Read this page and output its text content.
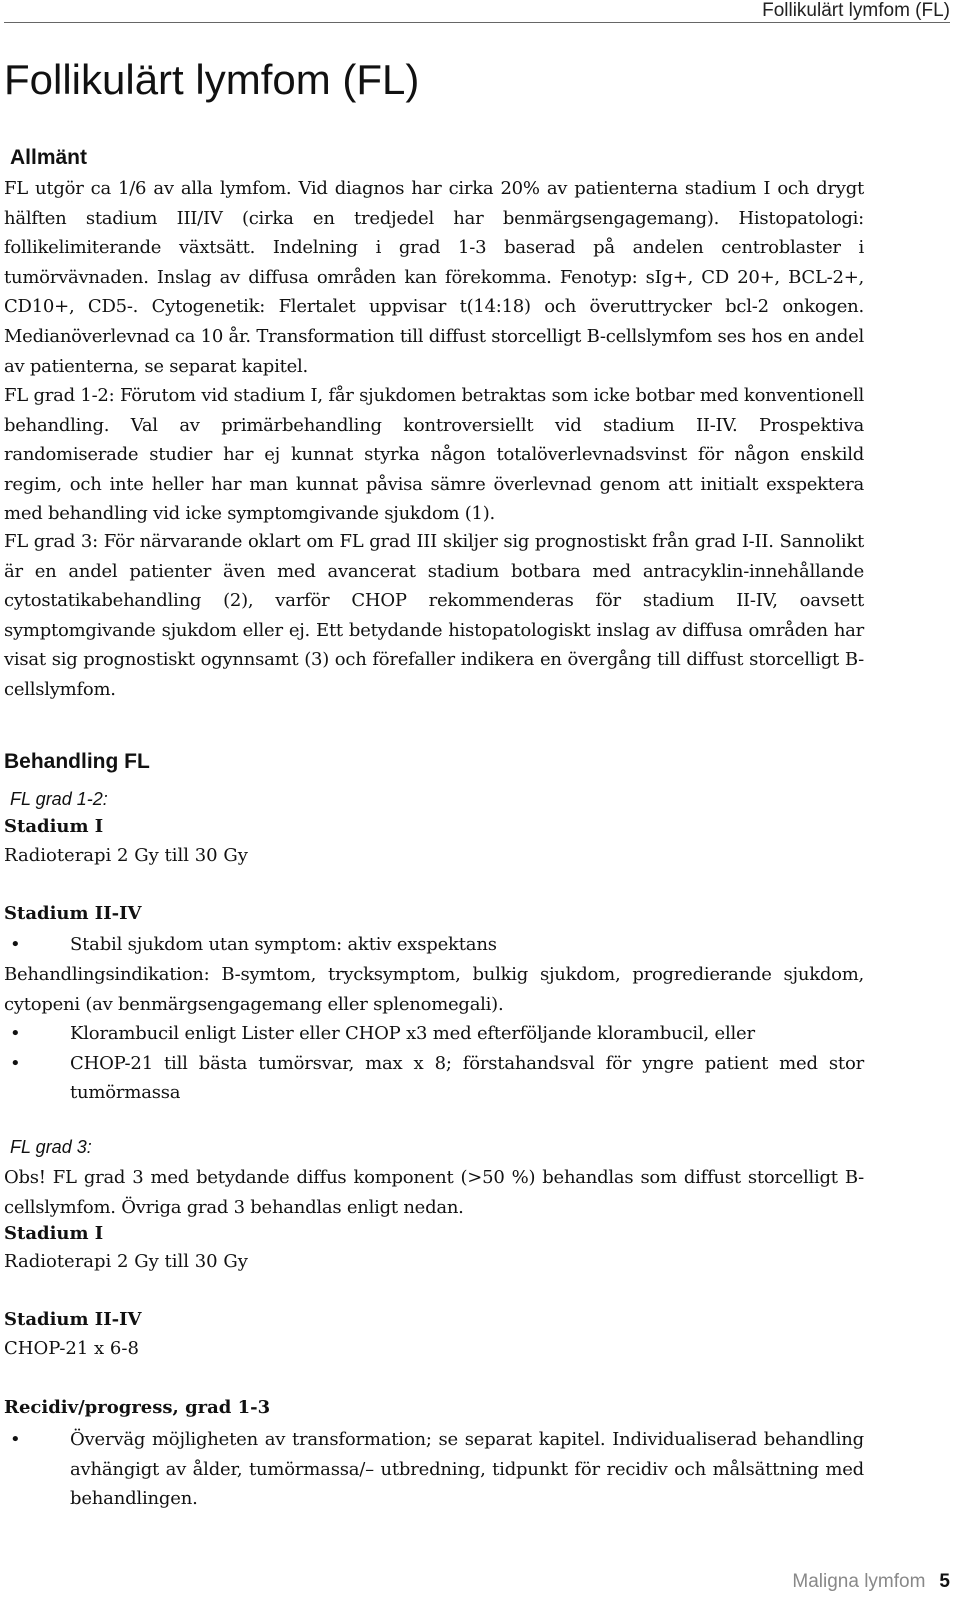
Follikulärt lymfom (FL)
Follikulärt lymfom (FL)
Allmänt

FL utgör ca 1/6 av alla lymfom. Vid diagnos har cirka 20% av patienterna stadium I och drygt hälften stadium III/IV (cirka en tredjedel har benmärgsengagemang). Histopatologi: follikelimiterande växtsätt. Indelning i grad 1-3 baserad på andelen centroblaster i tumörvävnaden. Inslag av diffusa områden kan förekomma. Fenotyp: sIg+, CD 20+, BCL-2+, CD10+, CD5-. Cytogenetik: Flertalet uppvisar t(14:18) och överuttrycker bcl-2 onkogen. Medianöverlevnad ca 10 år. Transformation till diffust storcelligt B-cellslymfom ses hos en andel av patienterna, se separat kapitel.

FL grad 1-2: Förutom vid stadium I, får sjukdomen betraktas som icke botbar med konventionell behandling. Val av primärbehandling kontroversiellt vid stadium II-IV. Prospektiva randomiserade studier har ej kunnat styrka någon totalöverlevnadsvinst för någon enskild regim, och inte heller har man kunnat påvisa sämre överlevnad genom att initialt exspektera med behandling vid icke symptomgivande sjukdom (1).

FL grad 3: För närvarande oklart om FL grad III skiljer sig prognostiskt från grad I-II. Sannolikt är en andel patienter även med avancerat stadium botbara med antracyklin-innehållande cytostatikabehandling (2), varför CHOP rekommenderas för stadium II-IV, oavsett symptomgivande sjukdom eller ej. Ett betydande histopatologiskt inslag av diffusa områden har visat sig prognostiskt ogynnsamt (3) och förefaller indikera en övergång till diffust storcelligt B-cellslymfom.

Behandling FL
FL grad 1-2:
Stadium I
Radioterapi 2 Gy till 30 Gy
Stadium II-IV
•	Stabil sjukdom utan symptom: aktiv exspektans

Behandlingsindikation: B-symtom, trycksymptom, bulkig sjukdom, progredierande sjukdom, cytopeni (av benmärgsengagemang eller splenomegali).

•	Klorambucil enligt Lister eller CHOP x3 med efterföljande klorambucil, eller
•	CHOP-21 till bästa tumörsvar, max x 8; förstahandsval för yngre patient med stor tumörmassa
FL grad 3:

Obs! FL grad 3 med betydande diffus komponent (>50 %) behandlas som diffust storcelligt B-cellslymfom. Övriga grad 3 behandlas enligt nedan.

Stadium I
Radioterapi 2 Gy till 30 Gy
Stadium II-IV
CHOP-21 x 6-8
Recidiv/progress, grad 1-3
•	Överväg möjligheten av transformation; se separat kapitel. Individualiserad behandling avhängigt av ålder, tumörmassa/– utbredning, tidpunkt för recidiv och målsättning med behandlingen.
Maligna lymfom 5
